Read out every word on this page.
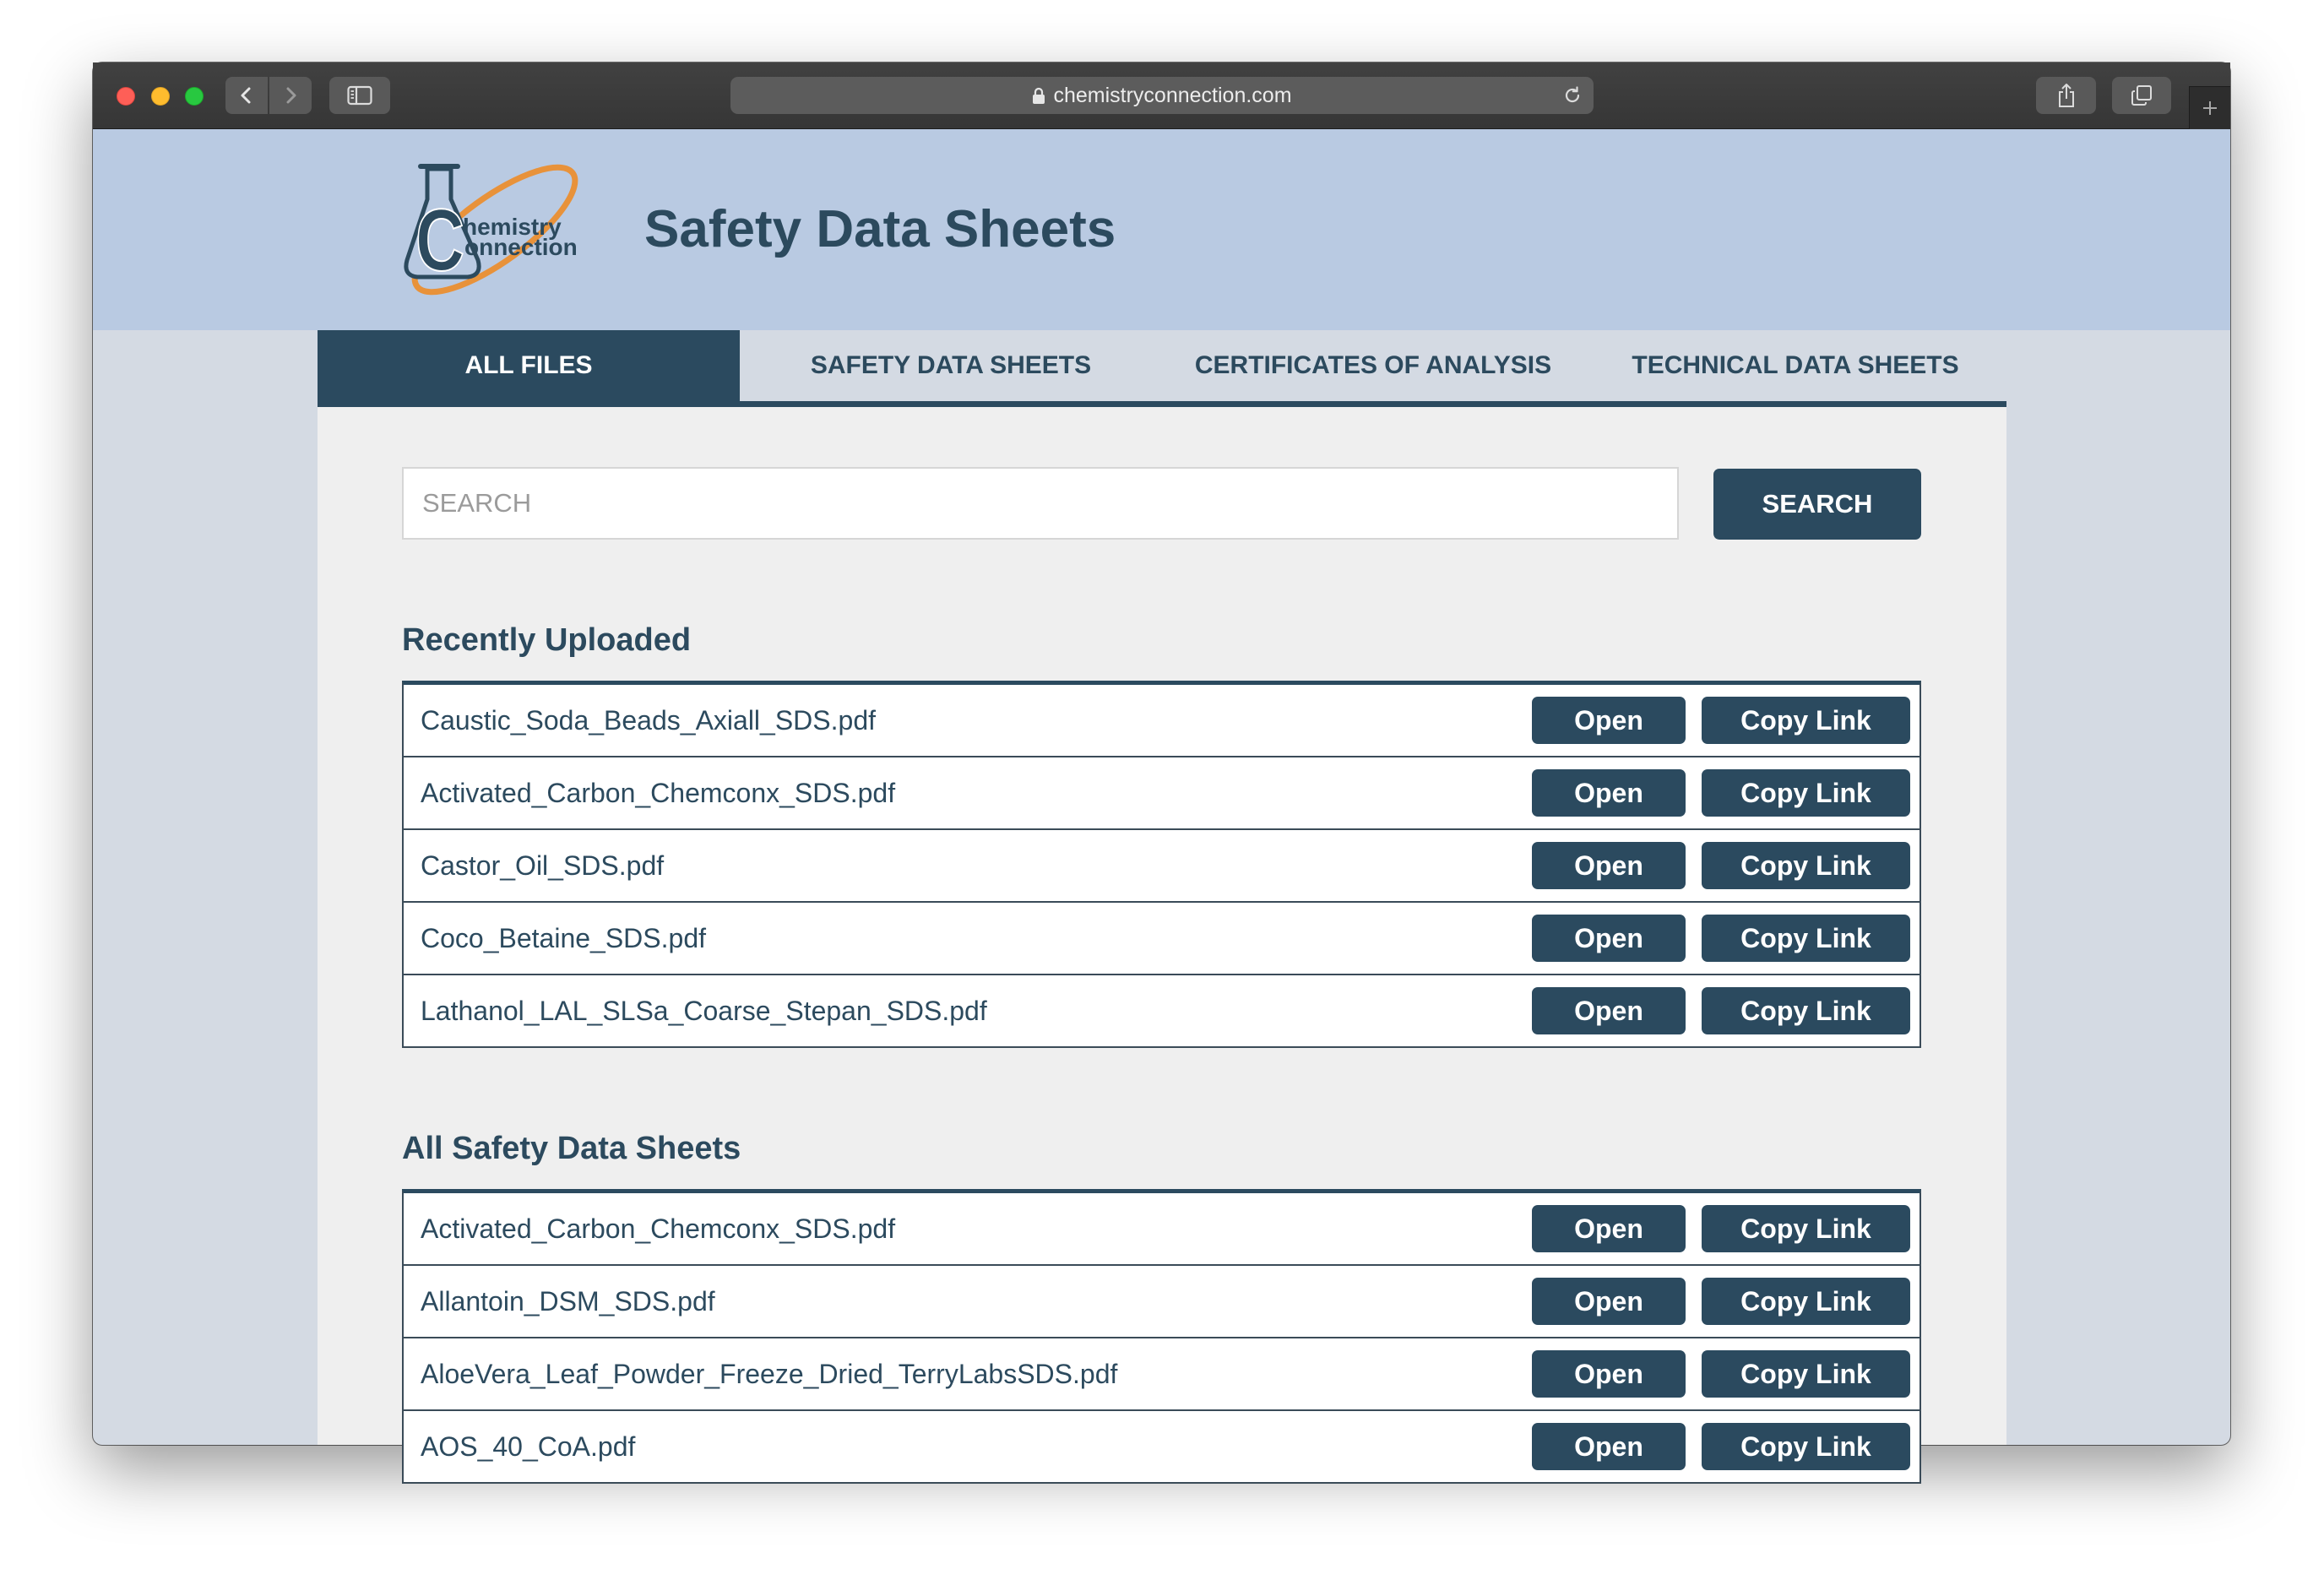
chemistryconnection.com
C
hemistry
onnection Safety Data Sheets
ALL FILES	SAFETY DATA SHEETS	CERTIFICATES OF ANALYSIS	TECHNICAL DATA SHEETS
SEARCH
SEARCH
Recently Uploaded
Caustic_Soda_Beads_Axiall_SDS.pdf	Open	Copy Link
Activated_Carbon_Chemconx_SDS.pdf	Open	Copy Link
Castor_Oil_SDS.pdf	Open	Copy Link
Coco_Betaine_SDS.pdf	Open	Copy Link
Lathanol_LAL_SLSa_Coarse_Stepan_SDS.pdf	Open	Copy Link
All Safety Data Sheets
Activated_Carbon_Chemconx_SDS.pdf	Open	Copy Link
Allantoin_DSM_SDS.pdf	Open	Copy Link
AloeVera_Leaf_Powder_Freeze_Dried_TerryLabsSDS.pdf	Open	Copy Link
AOS_40_CoA.pdf	Open	Copy Link
